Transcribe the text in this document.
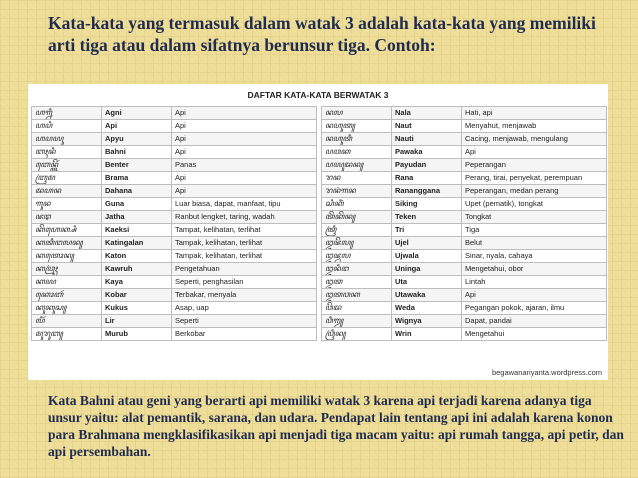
Kata-kata yang termasuk dalam watak 3 adalah kata-kata yang memiliki arti tiga atau dalam sifatnya berunsur tiga. Contoh:

DAFTAR KATA-KATA BERWATAK 3
ꦲꦒ꧀ꦤꦶ	Agni	Api
ꦲꦥꦶ	Api	Api
ꦲꦥꦪꦸ	Apyu	Api
ꦧꦃꦤꦶ	Bahni	Api
ꦧꦺꦤ꧀ꦠꦼꦂ	Benter	Panas
ꦧꦿꦩ	Brama	Api
ꦢꦲꦤ	Dahana	Api
ꦒꦸꦤ	Guna	Luar biasa, dapat, manfaat, tipu
ꦗꦛ	Jatha	Ranbut lengket, taring, wadah
ꦏꦼꦲꦺꦏ꧀ꦱꦶ	Kaeksi	Tampat, kelihatan, terlihat
ꦏꦠꦶꦔꦭꦤ꧀	Katingalan	Tampak, kelihatan, terlihat
ꦏꦠꦺꦴꦤ꧀	Katon	Tampak, kelihatan, terlihat
ꦏꦮꦿꦸꦃ	Kawruh	Pengetahuan
ꦏꦪ	Kaya	Seperti, penghasilan
ꦏꦺꦴꦧꦂ	Kobar	Terbakar, menyala
ꦏꦸꦏꦸꦱ꧀	Kukus	Asap, uap
ꦭꦶꦂ	Lir	Seperti
ꦩꦸꦫꦸꦧ꧀	Murub	Berkobar
ꦤꦭ	Nala	Hati, api
ꦤꦲꦸꦠ꧀	Naut	Menyahut, menjawab
ꦤꦲꦸꦠꦶ	Nauti	Cacing, menjawab, mengulang
ꦥꦮꦏ	Pawaka	Api
ꦥꦪꦸꦢꦤ꧀	Payudan	Peperangan
ꦫꦤ	Rana	Perang, tirai, penyekat, perempuan
ꦫꦤꦁꦒꦤ	Rananggana	Peperangan, medan perang
ꦱꦶꦏꦶꦁ	Siking	Upet (pematik), tongkat
ꦠꦼꦏꦼꦤ꧀	Teken	Tongkat
ꦠꦿꦶ	Tri	Tiga
ꦈꦗꦼꦭ꧀	Ujel	Belut
ꦈꦗ꧀ꦮꦭ	Ujwala	Sinar, nyala, cahaya
ꦈꦤꦶꦔ	Uninga	Mengetahui, obor
ꦈꦠ	Uta	Lintah
ꦈꦠꦮꦏ	Utawaka	Api
ꦮꦼꦢ	Weda	Pegangan pokok, ajaran, ilmu
ꦮꦶꦒꦾ	Wignya	Dapat, pandai
ꦮꦿꦶꦤ꧀	Wrin	Mengetahui
begawanariyanta.wordpress.com

Kata Bahni atau geni yang berarti api memiliki watak 3 karena api terjadi karena adanya tiga unsur yaitu: alat pemantik, sarana, dan udara. Pendapat lain tentang api ini adalah karena konon para Brahmana mengklasifikasikan api menjadi tiga macam yaitu: api rumah tangga, api petir, dan api persembahan.
